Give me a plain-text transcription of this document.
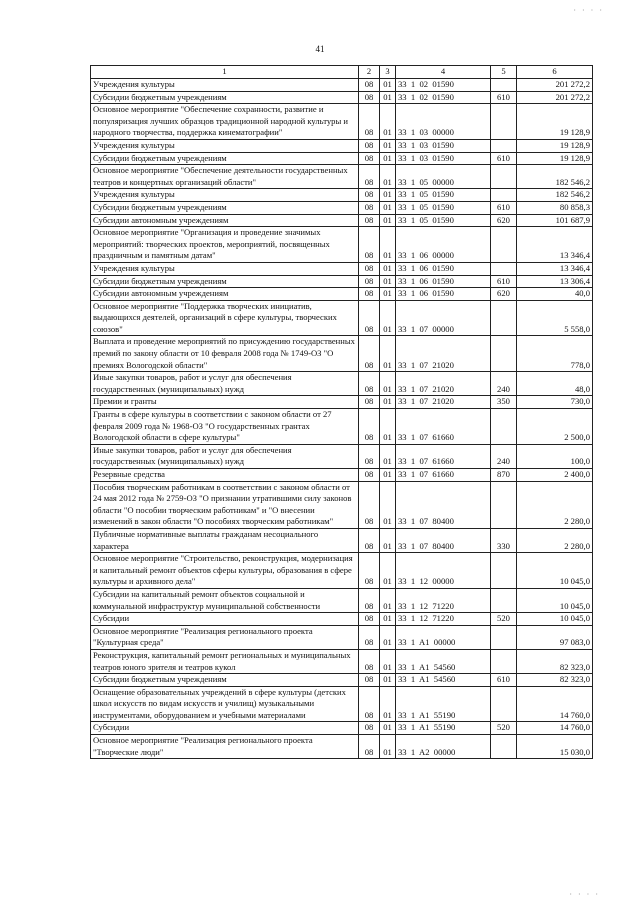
· · · ·
41
1	2	3	4	5	6
Учреждения культуры	08	01	33  1  02  01590		201 272,2
Субсидии бюджетным учреждениям	08	01	33  1  02  01590	610	201 272,2
Основное мероприятие "Обеспечение сохранности, развитие и популяризация лучших образцов традиционной народной культуры и народного творчества, поддержка кинематографии"	08	01	33  1  03  00000		19 128,9
Учреждения культуры	08	01	33  1  03  01590		19 128,9
Субсидии бюджетным учреждениям	08	01	33  1  03  01590	610	19 128,9
Основное мероприятие "Обеспечение деятельности государственных театров и концертных организаций области"	08	01	33  1  05  00000		182 546,2
Учреждения культуры	08	01	33  1  05  01590		182 546,2
Субсидии бюджетным учреждениям	08	01	33  1  05  01590	610	80 858,3
Субсидии автономным учреждениям	08	01	33  1  05  01590	620	101 687,9
Основное мероприятие "Организация и проведение значимых мероприятий: творческих проектов, мероприятий, посвященных праздничным и памятным датам"	08	01	33  1  06  00000		13 346,4
Учреждения культуры	08	01	33  1  06  01590		13 346,4
Субсидии бюджетным учреждениям	08	01	33  1  06  01590	610	13 306,4
Субсидии автономным учреждениям	08	01	33  1  06  01590	620	40,0
Основное мероприятие "Поддержка творческих инициатив, выдающихся деятелей, организаций в сфере культуры, творческих союзов"	08	01	33  1  07  00000		5 558,0
Выплата и проведение мероприятий по присуждению государственных премий по закону области от 10 февраля 2008 года № 1749-ОЗ "О премиях Вологодской области"	08	01	33  1  07  21020		778,0
Иные закупки товаров, работ и услуг для обеспечения государственных (муниципальных) нужд	08	01	33  1  07  21020	240	48,0
Премии и гранты	08	01	33  1  07  21020	350	730,0
Гранты в сфере культуры в соответствии с законом области от 27 февраля 2009 года № 1968-ОЗ "О государственных грантах Вологодской области в сфере культуры"	08	01	33  1  07  61660		2 500,0
Иные закупки товаров, работ и услуг для обеспечения государственных (муниципальных) нужд	08	01	33  1  07  61660	240	100,0
Резервные средства	08	01	33  1  07  61660	870	2 400,0
Пособия творческим работникам в соответствии с законом области от 24 мая 2012 года № 2759-ОЗ "О признании утратившими силу законов области "О пособии творческим работникам" и "О внесении изменений в закон области "О пособиях творческим работникам"	08	01	33  1  07  80400		2 280,0
Публичные нормативные выплаты гражданам несоциального характера	08	01	33  1  07  80400	330	2 280,0
Основное мероприятие "Строительство, реконструкция, модернизация и капитальный ремонт объектов сферы культуры, образования в сфере культуры и архивного дела"	08	01	33  1  12  00000		10 045,0
Субсидии на капитальный ремонт объектов социальной и коммунальной инфраструктур муниципальной собственности	08	01	33  1  12  71220		10 045,0
Субсидии	08	01	33  1  12  71220	520	10 045,0
Основное мероприятие "Реализация регионального проекта "Культурная среда"	08	01	33  1  A1  00000		97 083,0
Реконструкция, капитальный ремонт региональных и муниципальных театров юного зрителя и театров кукол	08	01	33  1  A1  54560		82 323,0
Субсидии бюджетным учреждениям	08	01	33  1  A1  54560	610	82 323,0
Оснащение образовательных учреждений в сфере культуры (детских школ искусств по видам искусств и училищ) музыкальными инструментами, оборудованием и учебными материалами	08	01	33  1  A1  55190		14 760,0
Субсидии	08	01	33  1  A1  55190	520	14 760,0
Основное мероприятие "Реализация регионального проекта "Творческие люди"	08	01	33  1  A2  00000		15 030,0
· · · ·
